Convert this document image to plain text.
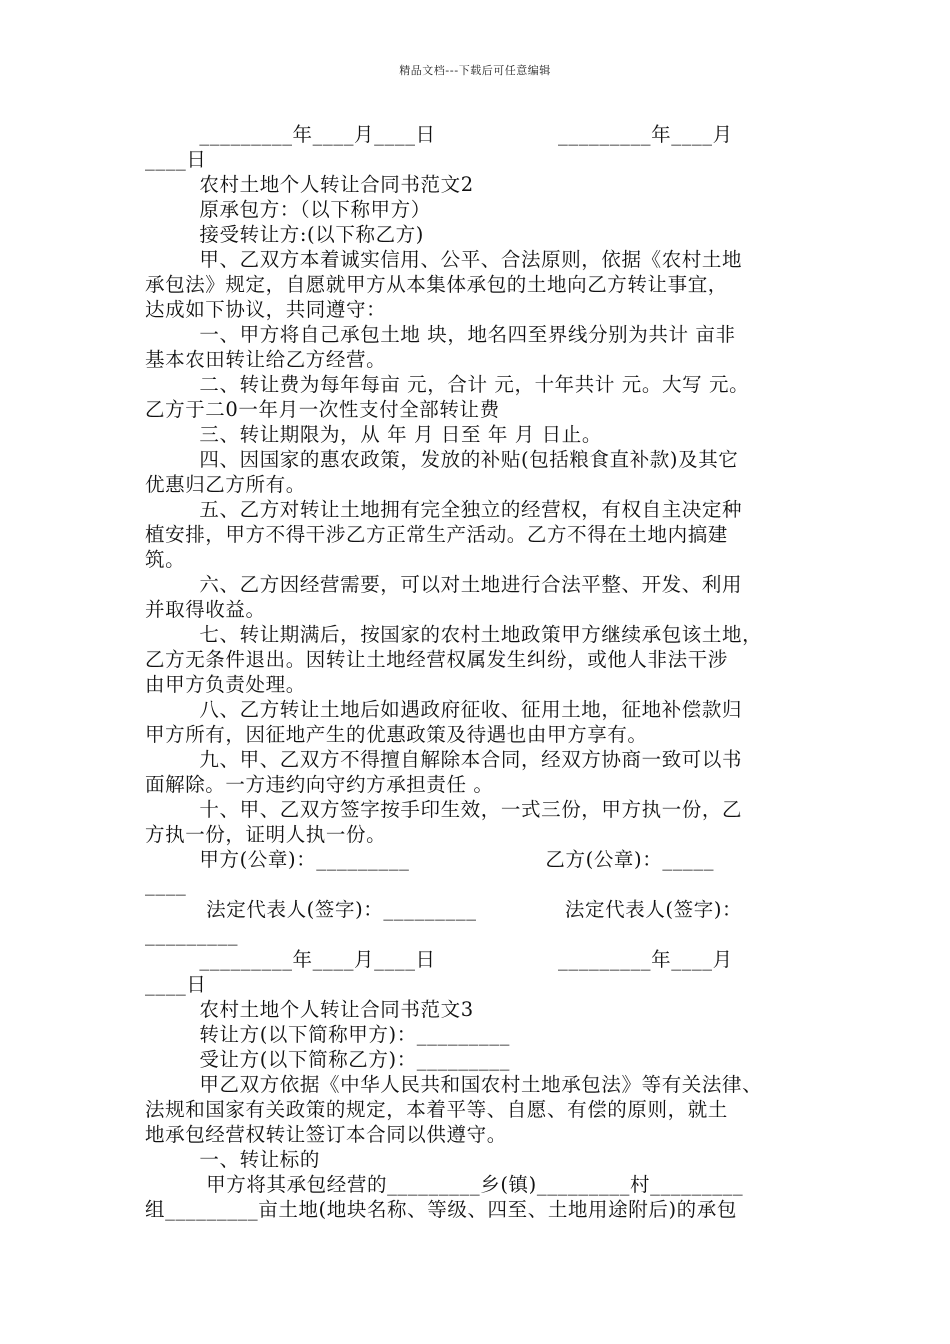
精品文档---下载后可任意编辑
_________年____月____日                  _________年____月
____日
农村土地个人转让合同书范文2
原承包方：（以下称甲方）
接受转让方:(以下称乙方)
甲、乙双方本着诚实信用、公平、合法原则，依据《农村土地
承包法》规定，自愿就甲方从本集体承包的土地向乙方转让事宜，
达成如下协议，共同遵守：
一、甲方将自己承包土地 块，地名四至界线分别为共计 亩非
基本农田转让给乙方经营。
二、转让费为每年每亩 元，合计 元，十年共计 元。大写 元。
乙方于二0一年月一次性支付全部转让费
三、转让期限为，从 年 月 日至 年 月 日止。
四、因国家的惠农政策，发放的补贴(包括粮食直补款)及其它
优惠归乙方所有。
五、乙方对转让土地拥有完全独立的经营权，有权自主决定种
植安排，甲方不得干涉乙方正常生产活动。乙方不得在土地内搞建
筑。
六、乙方因经营需要，可以对土地进行合法平整、开发、利用
并取得收益。
七、转让期满后，按国家的农村土地政策甲方继续承包该土地，
乙方无条件退出。因转让土地经营权属发生纠纷，或他人非法干涉
由甲方负责处理。
八、乙方转让土地后如遇政府征收、征用土地，征地补偿款归
甲方所有，因征地产生的优惠政策及待遇也由甲方享有。
九、甲、乙双方不得擅自解除本合同，经双方协商一致可以书
面解除。一方违约向守约方承担责任 。
十、甲、乙双方签字按手印生效，一式三份，甲方执一份，乙
方执一份，证明人执一份。
甲方(公章)：_________                    乙方(公章)：_____
____
法定代表人(签字)：_________             法定代表人(签字)：
_________
_________年____月____日                  _________年____月
____日
农村土地个人转让合同书范文3
转让方(以下简称甲方)：_________
受让方(以下简称乙方)：_________
甲乙双方依据《中华人民共和国农村土地承包法》等有关法律、
法规和国家有关政策的规定，本着平等、自愿、有偿的原则，就土
地承包经营权转让签订本合同以供遵守。
一、转让标的
甲方将其承包经营的_________乡(镇)_________村_________
组_________亩土地(地块名称、等级、四至、土地用途附后)的承包
